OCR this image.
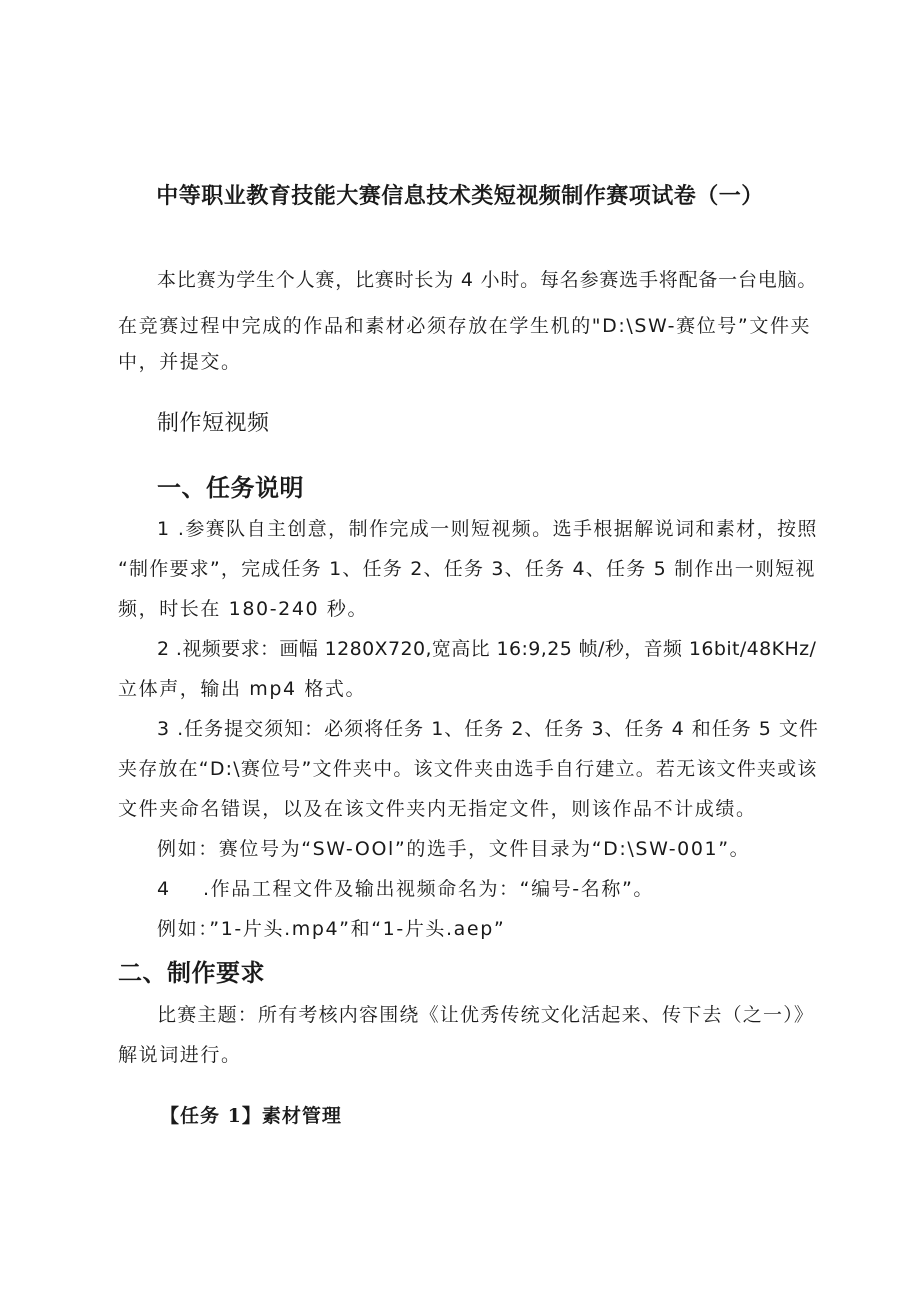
中等职业教育技能大赛信息技术类短视频制作赛项试卷（一）
本比赛为学生个人赛，比赛时长为 4 小时。每名参赛选手将配备一台电脑。
在竞赛过程中完成的作品和素材必须存放在学生机的"D:\SW-赛位号”文件夹
中，并提交。
制作短视频
一、任务说明
1 .参赛队自主创意，制作完成一则短视频。选手根据解说词和素材，按照
“制作要求”，完成任务 1、任务 2、任务 3、任务 4、任务 5 制作出一则短视
频，时长在 180-240 秒。
2 .视频要求：画幅 1280X720,宽高比 16:9,25 帧/秒，音频 16bit/48KHz/
立体声，输出 mp4 格式。
3 .任务提交须知：必须将任务 1、任务 2、任务 3、任务 4 和任务 5 文件
夹存放在“D:\赛位号”文件夹中。该文件夹由选手自行建立。若无该文件夹或该
文件夹命名错误，以及在该文件夹内无指定文件，则该作品不计成绩。
例如：赛位号为“SW-OOl”的选手，文件目录为“D:\SW-001”。
4 .作品工程文件及输出视频命名为：“编号-名称”。
例如：”1-片头.mp4”和“1-片头.aep”
二、制作要求
比赛主题：所有考核内容围绕《让优秀传统文化活起来、传下去（之一）》
解说词进行。
【任务 1】素材管理
